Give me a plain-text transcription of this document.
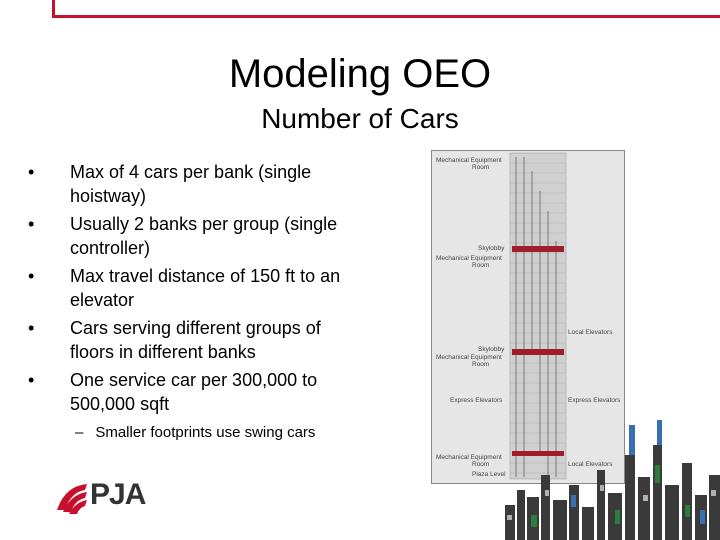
Modeling OEO
Number of Cars
• Max of 4 cars per bank (single hoistway)
• Usually 2 banks per group (single controller)
• Max travel distance of 150 ft to an elevator
• Cars serving different groups of floors in different banks
• One service car per 300,000 to 500,000 sqft
– Smaller footprints use swing cars
Mechanical Equipment
Room
Skylobby
Mechanical Equipment
Room
Local Elevators
Skylobby
Mechanical Equipment
Room
Express Elevators	Express Elevators
Mechanical Equipment
Room	Local Elevators
Plaza Level
PJA
